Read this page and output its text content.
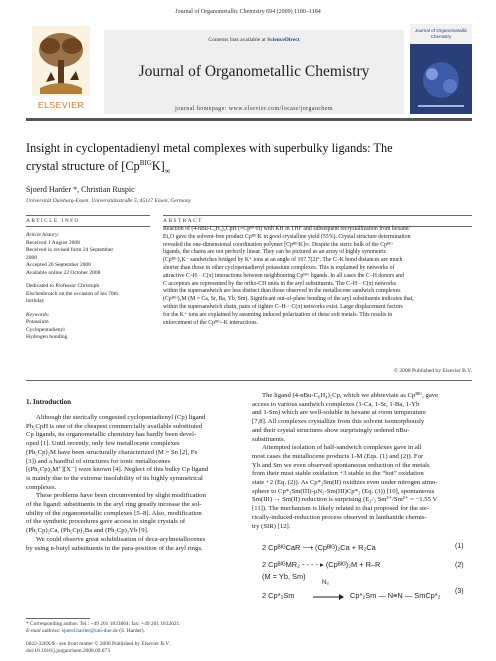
Journal of Organometallic Chemistry 694 (2009) 1180–1184
ELSEVIER
Contents lists available at ScienceDirect
Journal of Organometallic Chemistry
journal homepage: www.elsevier.com/locate/jorganchem
Journal of Organometallic Chemistry
Insight in cyclopentadienyl metal complexes with superbulky ligands: The
crystal structure of $[Cp^{BIG}K]_\infty$
Sjoerd Harder *, Christian Ruspic
Universität Duisburg-Essen, Universitätsstraße 5, 45117 Essen, Germany
ARTICLE INFO	ABSTRACT
Article history:
Received 1 August 2008
Received in revised form 24 September
2008
Accepted 20 September 2008
Available online 22 October 2008
Dedicated to Professor Christoph
Elschenbroich on the occasion of his 70th
birthday
Keywords:
Potassium
Cyclopentadienyl
Hydrogen bonding
Reaction of (4-nBu-C₆H₄)₅CpH (=CpᴮᴵᴳH) with KH in THF and subsequent recrystallization from hexane/
Et₂O gave the solvent-free product CpᴮᴵᴳK in good crystalline yield (55%). Crystal structure determination
revealed the one-dimensional coordination polymer [CpᴮᴵᴳK]∞. Despite the steric bulk of the Cpᴮᴵᴳ
ligands, the chains are not perfectly linear. They can be pictured as an array of highly symmetric
(Cpᴮᴵᴳ)₂K⁻ sandwiches bridged by K⁺ ions at an angle of 167.7(2)°. The C–K bond distances are much
shorter than those in other cyclopentadienyl potassium complexes. This is explained by networks of
attractive C–H···C(π) interactions between neighbouring Cpᴮᴵᴳ ligands. In all cases the C–H donors and
C acceptors are represented by the ortho-CH units in the aryl substituents. The C–H···C(π) networks
within the supersandwich are less distinct than those observed in the metallocene sandwich complexes
(Cpᴮᴵᴳ)₂M (M = Ca, Sr, Ba, Yb, Sm). Significant out-of-plane bending of the aryl substituents indicates that,
within the supersandwich chain, pairs of tighter C–H···C(π) networks exist. Large displacement factors
for the K⁺ ions are explained by assuming induced polarization of these soft metals. This results in
enforcement of the Cpᴮᴵᴳ–K interactions.
© 2008 Published by Elsevier B.V.
1. Introduction
Although the sterically congested cyclopentadienyl (Cp) ligand
Ph₅CpH is one of the cheapest commercially available substituted
Cp ligands, its organometallic chemistry has hardly been devel-
oped [1]. Until recently, only few metallocene complexes
(Ph₅Cp)₂M have been structurally characterized (M = Sn [2], Fe
[3]) and a handful of structures for ionic metallocenes
[(Ph₅Cp)₂M⁺][X⁻] were known [4]. Neglect of this bulky Cp ligand
is mainly due to the extreme insolubility of its highly symmetrical
complexes.
These problems have been circumvented by slight modification
of the ligand: substituents in the aryl ring greatly increase the sol-
ubility of the organometallic complexes [5–8]. Also, modification
of the synthetic procedures gave access to single crystals of
(Ph₅Cp)₂Ca, (Ph₅Cp)₂Ba and (Ph₅Cp)₂Yb [9].
We could observe great solubilisation of deca-arylmetallocenes
by using n-butyl substituents in the para-position of the aryl rings.
The ligand (4-nBu-C₆H₄)₅Cp, which we abbreviate as Cpᴮᴵᴳ, gave
access to various sandwich complexes (1-Ca, 1-Sr, 1-Ba, 1-Yb
and 1-Sm) which are well-soluble in hexane at room temperature
[7,8]. All complexes crystallize from this solvent isomorphously
and their crystal structures show surprisingly ordered nBu-
substituents.
Attempted isolation of half-sandwich complexes gave in all
most cases the metallocene products 1-M (Eqs. (1) and (2)). For
Yb and Sm we even observed spontaneous reduction of the metals
from their most stable oxidation +3 stable to the “hot” oxidation
state +2 (Eq. (2)). As Cp*₂Sm(II) oxidizes even under nitrogen atmo-
sphere to Cp*₂Sm(III)-μN₂-Sm(III)Cp*₂ (Eq. (3)) [10], spontaneous
Sm(III) → Sm(II) reduction is surprising (E₁/₂ Sm³⁺/Sm²⁺ = −1.55 V
[11]). The mechanism is likely related to that proposed for the ste-
rically-induced-reduction process observed in lanthanide chemis-
try (SIR) [12].
2 CpᴮᴵᴳCaR ⟶ (Cpᴮᴵᴳ)₂Ca + R₂Ca	(1)
2 CpᴮᴵᴳMR₂ - - - - ▸ (Cpᴮᴵᴳ)₂M + R–R	(2)
(M = Yb, Sm)
2 Cp*₂Sm
N₂
→ Cp*₂Sm — N≡N — SmCp*₂ (3)
* Corresponding author. Tel.: +49 201 1833864; fax: +49 201 1832621.
E-mail address: sjoerd.harder@uni-due.de (S. Harder).
0022-328X/$ - see front matter © 2008 Published by Elsevier B.V.
doi:10.1016/j.jorganchem.2008.09.073
